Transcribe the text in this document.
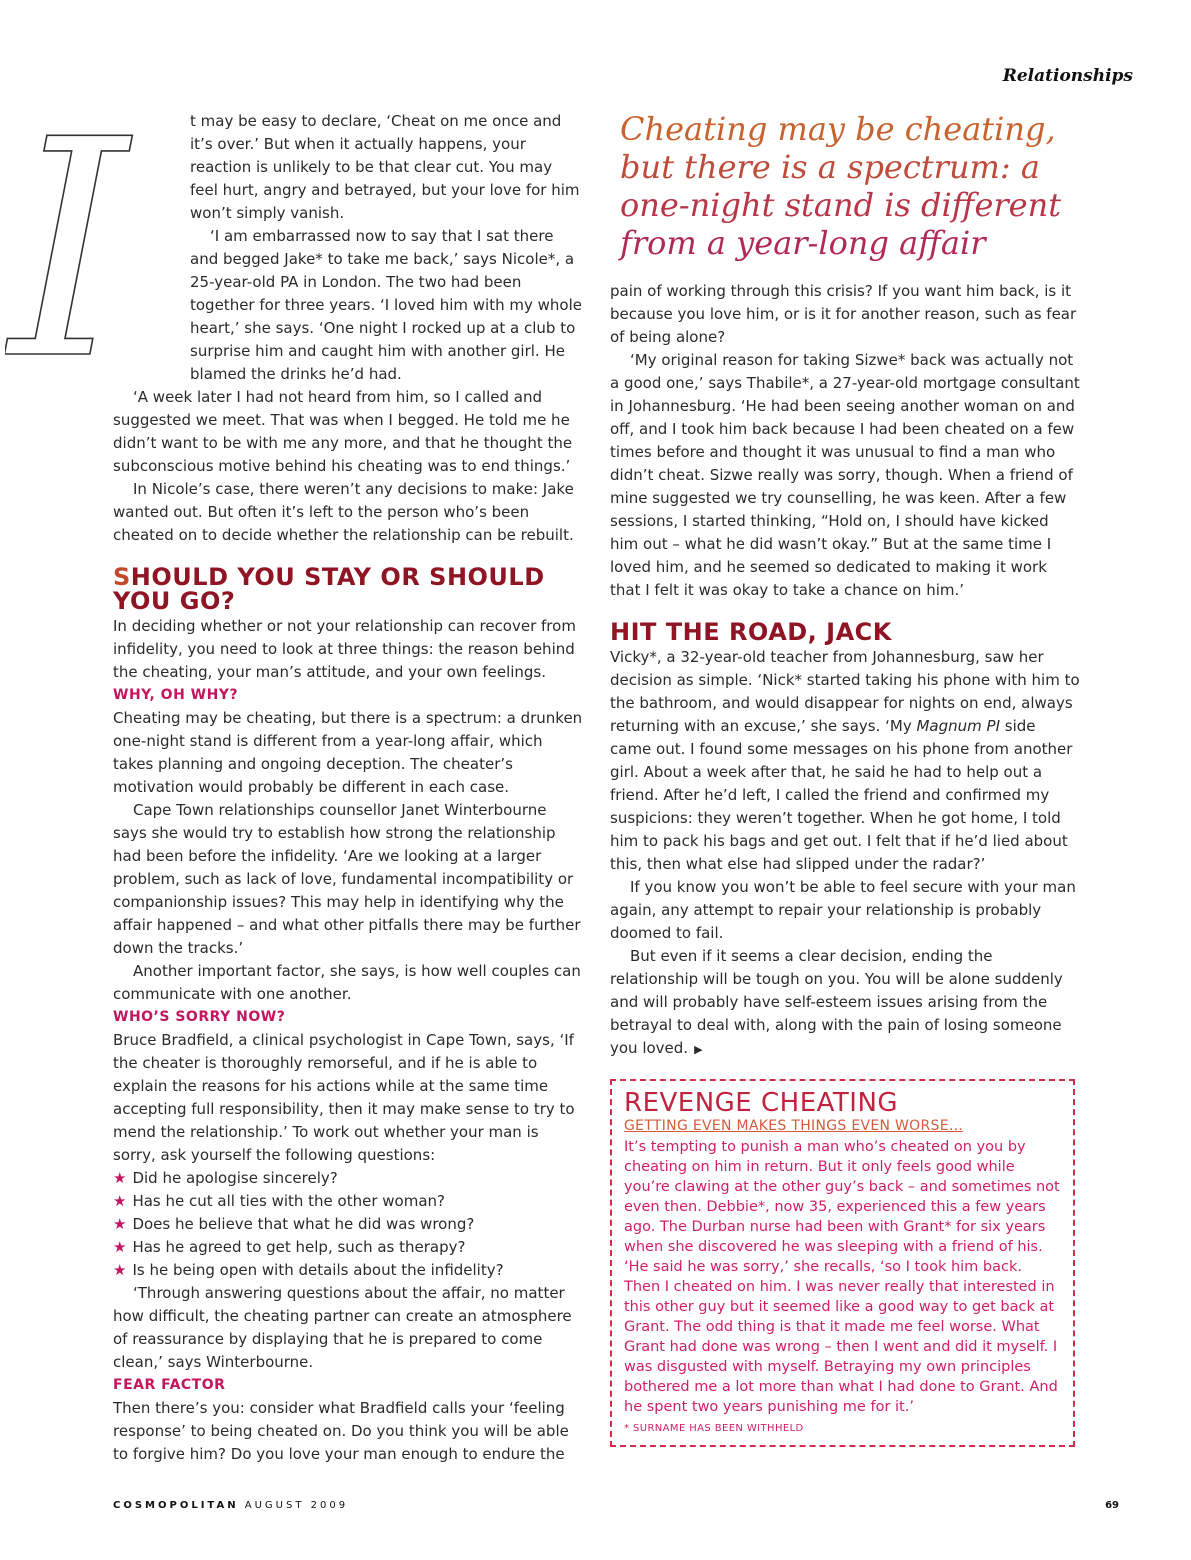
Relationships
I	t may be easy to declare, ‘Cheat on me once and it’s over.’ But when it actually happens, your reaction is unlikely to be that clear cut. You may feel hurt, angry and betrayed, but your love for him won’t simply vanish.

‘I am embarrassed now to say that I sat there and begged Jake* to take me back,’ says Nicole*, a 25-year-old PA in London. The two had been together for three years. ‘I loved him with my whole heart,’ she says. ‘One night I rocked up at a club to surprise him and caught him with another girl. He blamed the drinks he’d had.

‘A week later I had not heard from him, so I called and suggested we meet. That was when I begged. He told me he didn’t want to be with me any more, and that he thought the subconscious motive behind his cheating was to end things.’

In Nicole’s case, there weren’t any decisions to make: Jake wanted out. But often it’s left to the person who’s been cheated on to decide whether the relationship can be rebuilt.

SHOULD YOU STAY OR SHOULD YOU GO?

In deciding whether or not your relationship can recover from infidelity, you need to look at three things: the reason behind the cheating, your man’s attitude, and your own feelings.

WHY, OH WHY?

Cheating may be cheating, but there is a spectrum: a drunken one-night stand is different from a year-long affair, which takes planning and ongoing deception. The cheater’s motivation would probably be different in each case.

Cape Town relationships counsellor Janet Winterbourne says she would try to establish how strong the relationship had been before the infidelity. ‘Are we looking at a larger problem, such as lack of love, fundamental incompatibility or companionship issues? This may help in identifying why the affair happened – and what other pitfalls there may be further down the tracks.’

Another important factor, she says, is how well couples can communicate with one another.

WHO’S SORRY NOW?

Bruce Bradfield, a clinical psychologist in Cape Town, says, ‘If the cheater is thoroughly remorseful, and if he is able to explain the reasons for his actions while at the same time accepting full responsibility, then it may make sense to try to mend the relationship.’ To work out whether your man is sorry, ask yourself the following questions:

★ Did he apologise sincerely?
★ Has he cut all ties with the other woman?
★ Does he believe that what he did was wrong?
★ Has he agreed to get help, such as therapy?
★ Is he being open with details about the infidelity?

‘Through answering questions about the affair, no matter how difficult, the cheating partner can create an atmosphere of reassurance by displaying that he is prepared to come clean,’ says Winterbourne.

FEAR FACTOR

Then there’s you: consider what Bradfield calls your ‘feeling response’ to being cheated on. Do you think you will be able to forgive him? Do you love your man enough to endure the

Cheating may be cheating,
but there is a spectrum: a
one-night stand is different
from a year-long affair

pain of working through this crisis? If you want him back, is it because you love him, or is it for another reason, such as fear of being alone?

‘My original reason for taking Sizwe* back was actually not a good one,’ says Thabile*, a 27-year-old mortgage consultant in Johannesburg. ‘He had been seeing another woman on and off, and I took him back because I had been cheated on a few times before and thought it was unusual to find a man who didn’t cheat. Sizwe really was sorry, though. When a friend of mine suggested we try counselling, he was keen. After a few sessions, I started thinking, “Hold on, I should have kicked him out – what he did wasn’t okay.” But at the same time I loved him, and he seemed so dedicated to making it work that I felt it was okay to take a chance on him.’

HIT THE ROAD, JACK

Vicky*, a 32-year-old teacher from Johannesburg, saw her decision as simple. ‘Nick* started taking his phone with him to the bathroom, and would disappear for nights on end, always returning with an excuse,’ she says. ‘My Magnum PI side came out. I found some messages on his phone from another girl. About a week after that, he said he had to help out a friend. After he’d left, I called the friend and confirmed my suspicions: they weren’t together. When he got home, I told him to pack his bags and get out. I felt that if he’d lied about this, then what else had slipped under the radar?’

If you know you won’t be able to feel secure with your man again, any attempt to repair your relationship is probably doomed to fail.

But even if it seems a clear decision, ending the relationship will be tough on you. You will be alone suddenly and will probably have self-esteem issues arising from the betrayal to deal with, along with the pain of losing someone you loved. ▶

REVENGE CHEATING
GETTING EVEN MAKES THINGS EVEN WORSE…

It’s tempting to punish a man who’s cheated on you by cheating on him in return. But it only feels good while you’re clawing at the other guy’s back – and sometimes not even then. Debbie*, now 35, experienced this a few years ago. The Durban nurse had been with Grant* for six years when she discovered he was sleeping with a friend of his. ‘He said he was sorry,’ she recalls, ‘so I took him back. Then I cheated on him. I was never really that interested in this other guy but it seemed like a good way to get back at Grant. The odd thing is that it made me feel worse. What Grant had done was wrong – then I went and did it myself. I was disgusted with myself. Betraying my own principles bothered me a lot more than what I had done to Grant. And he spent two years punishing me for it.’

* SURNAME HAS BEEN WITHHELD
COSMOPOLITAN AUGUST 2009	69
